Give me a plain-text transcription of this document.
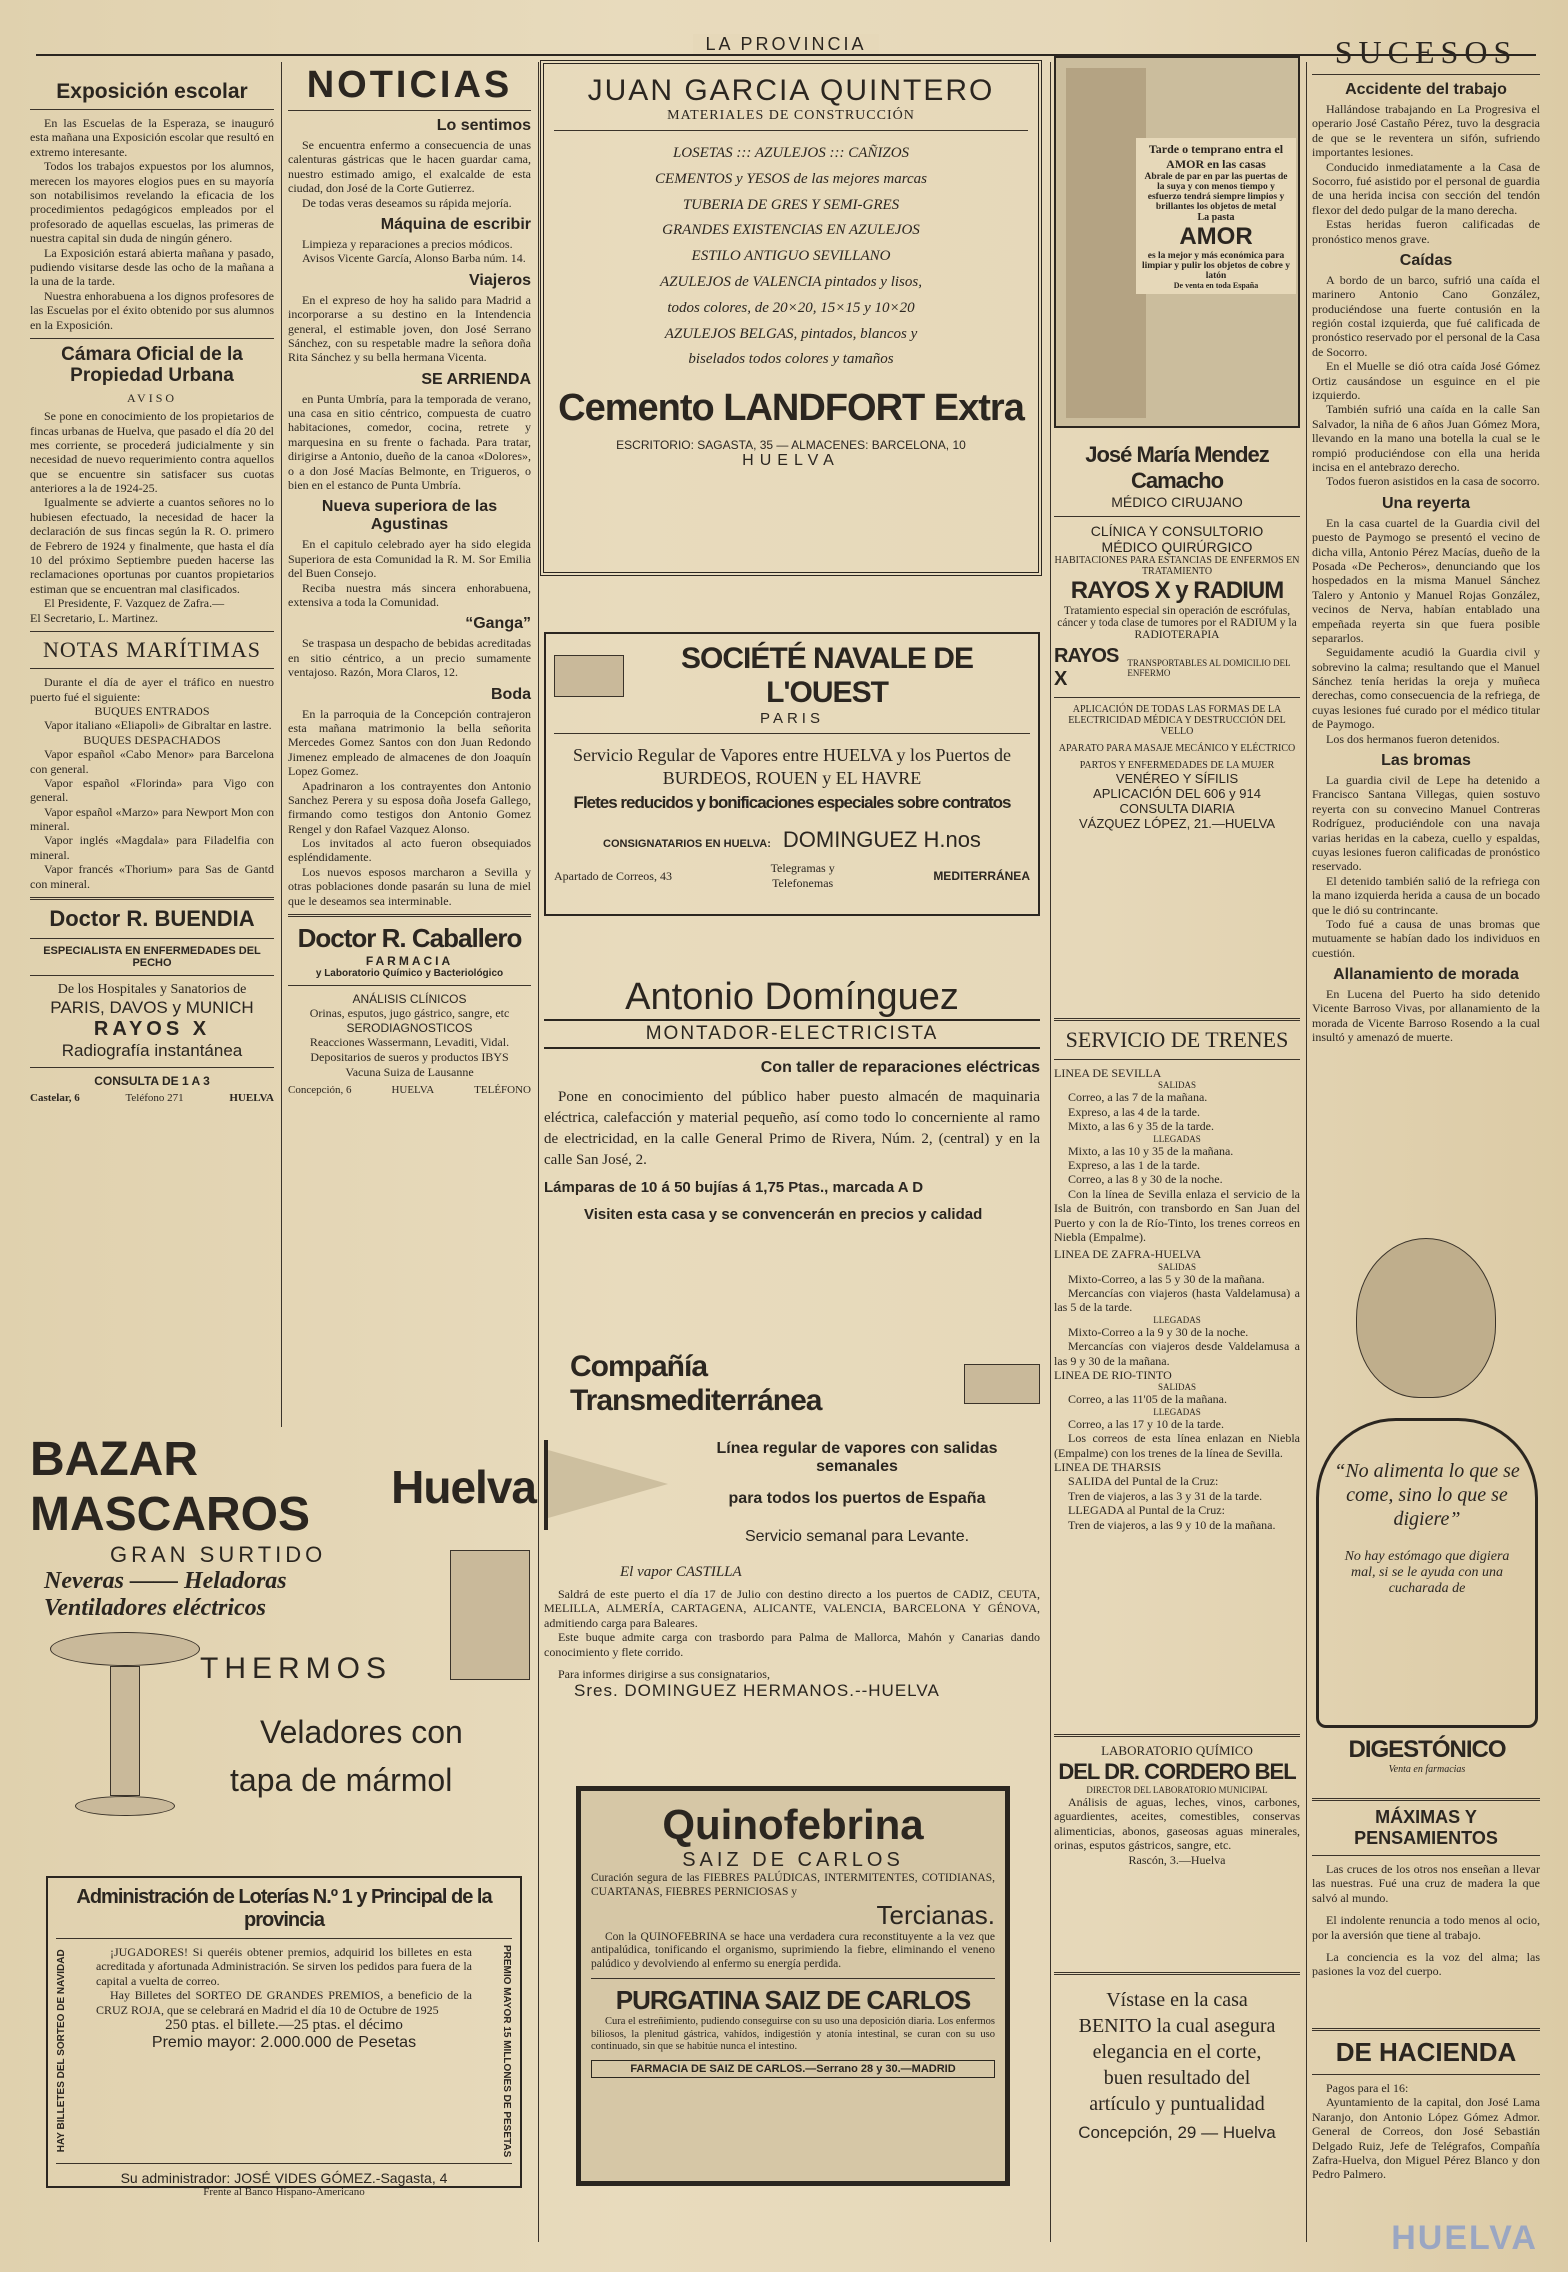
LA PROVINCIA
Exposición escolar

En las Escuelas de la Esperaza, se inauguró esta mañana una Exposición escolar que resultó en extremo interesante.

Todos los trabajos expuestos por los alumnos, merecen los mayores elogios pues en su mayoría son notabilisimos revelando la eficacia de los procedimientos pedagógicos empleados por el profesorado de aquellas escuelas, las primeras de nuestra capital sin duda de ningún género.

La Exposición estará abierta mañana y pasado, pudiendo visitarse desde las ocho de la mañana a la una de la tarde.

Nuestra enhorabuena a los dignos profesores de las Escuelas por el éxito obtenido por sus alumnos en la Exposición.

Cámara Oficial de la Propiedad Urbana

AVISO

Se pone en conocimiento de los propietarios de fincas urbanas de Huelva, que pasado el día 20 del mes corriente, se procederá judicialmente y sin necesidad de nuevo requerimiento contra aquellos que se encuentre sin satisfacer sus cuotas anteriores a la de 1924-25.

Igualmente se advierte a cuantos señores no lo hubiesen efectuado, la necesidad de hacer la declaración de sus fincas según la R. O. primero de Febrero de 1924 y finalmente, que hasta el día 10 del próximo Septiembre pueden hacerse las reclamaciones oportunas por cuantos propietarios estiman que se encuentran mal clasificados.

El Presidente, F. Vazquez de Zafra.—

El Secretario, L. Martinez.

NOTAS MARÍTIMAS

Durante el día de ayer el tráfico en nuestro puerto fué el siguiente:

BUQUES ENTRADOS

Vapor italiano «Eliapoli» de Gibraltar en lastre.

BUQUES DESPACHADOS

Vapor español «Cabo Menor» para Barcelona con general.

Vapor español «Florinda» para Vigo con general.

Vapor español «Marzo» para Newport Mon con mineral.

Vapor inglés «Magdala» para Filadelfia con mineral.

Vapor francés «Thorium» para Sas de Gantd con mineral.

Doctor R. BUENDIA

ESPECIALISTA EN ENFERMEDADES DEL PECHO

De los Hospitales y Sanatorios de

PARIS, DAVOS y MUNICH

RAYOS X

Radiografía instantánea

CONSULTA DE 1 A 3

Castelar, 6	Teléfono 271	HUELVA
NOTICIAS
Lo sentimos

Se encuentra enfermo a consecuencia de unas calenturas gástricas que le hacen guardar cama, nuestro estimado amigo, el exalcalde de esta ciudad, don José de la Corte Gutierrez.

De todas veras deseamos su rápida mejoría.

Máquina de escribir

Limpieza y reparaciones a precios módicos.

Avisos Vicente García, Alonso Barba núm. 14.

Viajeros

En el expreso de hoy ha salido para Madrid a incorporarse a su destino en la Intendencia general, el estimable joven, don José Serrano Sánchez, con su respetable madre la señora doña Rita Sánchez y su bella hermana Vicenta.

SE ARRIENDA

en Punta Umbría, para la temporada de verano, una casa en sitio céntrico, compuesta de cuatro habitaciones, comedor, cocina, retrete y marquesina en su frente o fachada. Para tratar, dirigirse a Antonio, dueño de la canoa «Dolores», o a don José Macías Belmonte, en Trigueros, o bien en el estanco de Punta Umbría.

Nueva superiora de las Agustinas

En el capitulo celebrado ayer ha sido elegida Superiora de esta Comunidad la R. M. Sor Emilia del Buen Consejo.

Reciba nuestra más sincera enhorabuena, extensiva a toda la Comunidad.

“Ganga”

Se traspasa un despacho de bebidas acreditadas en sitio céntrico, a un precio sumamente ventajoso. Razón, Mora Claros, 12.

Boda

En la parroquia de la Concepción contrajeron esta mañana matrimonio la bella señorita Mercedes Gomez Santos con don Juan Redondo Jimenez empleado de almacenes de don Joaquín Lopez Gomez.

Apadrinaron a los contrayentes don Antonio Sanchez Perera y su esposa doña Josefa Gallego, firmando como testigos don Antonio Gomez Rengel y don Rafael Vazquez Alonso.

Los invitados al acto fueron obsequiados espléndidamente.

Los nuevos esposos marcharon a Sevilla y otras poblaciones donde pasarán su luna de miel que le deseamos sea interminable.

Doctor R. Caballero

FARMACIA

y Laboratorio Químico y Bacteriológico

ANÁLISIS CLÍNICOS

Orinas, esputos, jugo gástrico, sangre, etc

SERODIAGNOSTICOS

Reacciones Wassermann, Levaditi, Vidal.

Depositarios de sueros y productos IBYS

Vacuna Suiza de Lausanne

Concepción, 6	HUELVA	TELÉFONO
BAZAR MASCAROS
Huelva

GRAN SURTIDO

Neveras —— Heladoras

Ventiladores eléctricos

THERMOS

Veladores con

tapa de mármol

Administración de Loterías N.º 1 y Principal de la provincia

HAY BILLETES DEL SORTEO DE NAVIDAD	¡JUGADORES! Si queréis obtener premios, adquirid los billetes en esta acreditada y afortunada Administración. Se sirven los pedidos para fuera de la capital a vuelta de correo.

Hay Billetes del SORTEO DE GRANDES PREMIOS, a beneficio de la CRUZ ROJA, que se celebrará en Madrid el día 10 de Octubre de 1925

250 ptas. el billete.—25 ptas. el décimo

Premio mayor: 2.000.000 de Pesetas	PREMIO MAYOR 15 MILLONES DE PESETAS

Su administrador: JOSÉ VIDES GÓMEZ.-Sagasta, 4

Frente al Banco Hispano-Americano

JUAN GARCIA QUINTERO

MATERIALES DE CONSTRUCCIÓN

LOSETAS ::: AZULEJOS ::: CAÑIZOS

CEMENTOS y YESOS de las mejores marcas

TUBERIA DE GRES Y SEMI-GRES

GRANDES EXISTENCIAS EN AZULEJOS

ESTILO ANTIGUO SEVILLANO

AZULEJOS de VALENCIA pintados y lisos,

todos colores, de 20×20, 15×15 y 10×20

AZULEJOS BELGAS, pintados, blancos y

biselados todos colores y tamaños

Cemento LANDFORT Extra

ESCRITORIO: SAGASTA, 35 — ALMACENES: BARCELONA, 10

HUELVA

SOCIÉTÉ NAVALE DE L'OUEST

PARIS

Servicio Regular de Vapores entre HUELVA y los Puertos de BURDEOS, ROUEN y EL HAVRE

Fletes reducidos y bonificaciones especiales sobre contratos

CONSIGNATARIOS EN HUELVA: DOMINGUEZ H.nos
Apartado de Correos, 43
Telegramas y Telefonemas	MEDITERRÁNEA

Antonio Domínguez

MONTADOR-ELECTRICISTA

Con taller de reparaciones eléctricas

Pone en conocimiento del público haber puesto almacén de maquinaria eléctrica, calefacción y material pequeño, así como todo lo concerniente al ramo de electricidad, en la calle General Primo de Rivera, Núm. 2, (central) y en la calle San José, 2.

Lámparas de 10 á 50 bujías á 1,75 Ptas., marcada A D

Visiten esta casa y se convencerán en precios y calidad

Compañía Transmediterránea

Línea regular de vapores con salidas semanales

para todos los puertos de España

Servicio semanal para Levante.

El vapor CASTILLA

Saldrá de este puerto el día 17 de Julio con destino directo a los puertos de CADIZ, CEUTA, MELILLA, ALMERÍA, CARTAGENA, ALICANTE, VALENCIA, BARCELONA Y GÉNOVA, admitiendo carga para Baleares.

Este buque admite carga con trasbordo para Palma de Mallorca, Mahón y Canarias dando conocimiento y flete corrido.

Para informes dirigirse a sus consignatarios,

Sres. DOMINGUEZ HERMANOS.--HUELVA

Quinofebrina

SAIZ DE CARLOS

Curación segura de las FIEBRES PALÚDICAS, INTERMITENTES, COTIDIANAS, CUARTANAS, FIEBRES PERNICIOSAS y

Tercianas.

Con la QUINOFEBRINA se hace una verdadera cura reconstituyente a la vez que antipalúdica, tonificando el organismo, suprimiendo la fiebre, eliminando el veneno palúdico y devolviendo al enfermo su energía perdida.

PURGATINA SAIZ DE CARLOS

Cura el estreñimiento, pudiendo conseguirse con su uso una deposición diaria. Los enfermos biliosos, la plenitud gástrica, vahídos, indigestión y atonía intestinal, se curan con su uso continuado, sin que se habitúe nunca el intestino.

FARMACIA DE SAIZ DE CARLOS.—Serrano 28 y 30.—MADRID

Tarde o temprano entra el AMOR en las casas

Abrale de par en par las puertas de la suya y con menos tiempo y esfuerzo tendrá siempre limpios y brillantes los objetos de metal

La pasta

AMOR

es la mejor y más económica para limpiar y pulir los objetos de cobre y latón

De venta en toda España

José María Mendez Camacho

MÉDICO CIRUJANO

CLÍNICA Y CONSULTORIO

MÉDICO QUIRÚRGICO

HABITACIONES PARA ESTANCIAS DE ENFERMOS EN TRATAMIENTO

RAYOS X y RADIUM

Tratamiento especial sin operación de escrófulas, cáncer y toda clase de tumores por el RADIUM y la RADIOTERAPIA

RAYOS X
TRANSPORTABLES AL DOMICILIO DEL ENFERMO

APLICACIÓN DE TODAS LAS FORMAS DE LA ELECTRICIDAD MÉDICA Y DESTRUCCIÓN DEL VELLO

APARATO PARA MASAJE MECÁNICO Y ELÉCTRICO

PARTOS Y ENFERMEDADES DE LA MUJER

VENÉREO Y SÍFILIS

APLICACIÓN DEL 606 y 914

CONSULTA DIARIA

VÁZQUEZ LÓPEZ, 21.—HUELVA

SERVICIO DE TRENES

LINEA DE SEVILLA

SALIDAS

Correo, a las 7 de la mañana.

Expreso, a las 4 de la tarde.

Mixto, a las 6 y 35 de la tarde.

LLEGADAS

Mixto, a las 10 y 35 de la mañana.

Expreso, a las 1 de la tarde.

Correo, a las 8 y 30 de la noche.

Con la línea de Sevilla enlaza el servicio de la Isla de Buitrón, con transbordo en San Juan del Puerto y con la de Río-Tinto, los trenes correos en Niebla (Empalme).

LINEA DE ZAFRA-HUELVA

SALIDAS

Mixto-Correo, a las 5 y 30 de la mañana.

Mercancías con viajeros (hasta Valdelamusa) a las 5 de la tarde.

LLEGADAS

Mixto-Correo a la 9 y 30 de la noche.

Mercancías con viajeros desde Valdelamusa a las 9 y 30 de la mañana.

LINEA DE RIO-TINTO

SALIDAS

Correo, a las 11'05 de la mañana.

LLEGADAS

Correo, a las 17 y 10 de la tarde.

Los correos de esta línea enlazan en Niebla (Empalme) con los trenes de la línea de Sevilla.

LINEA DE THARSIS

SALIDA del Puntal de la Cruz:

Tren de viajeros, a las 3 y 31 de la tarde.

LLEGADA al Puntal de la Cruz:

Tren de viajeros, a las 9 y 10 de la mañana.

LABORATORIO QUÍMICO

DEL DR. CORDERO BEL

DIRECTOR DEL LABORATORIO MUNICIPAL

Análisis de aguas, leches, vinos, carbones, aguardientes, aceites, comestibles, conservas alimenticias, abonos, gaseosas aguas minerales, orinas, esputos gástricos, sangre, etc.

Rascón, 3.—Huelva

Vístase en la casa BENITO la cual asegura elegancia en el corte, buen resultado del artículo y puntualidad

Concepción, 29 — Huelva

SUCESOS
Accidente del trabajo

Hallándose trabajando en La Progresiva el operario José Castaño Pérez, tuvo la desgracia de que se le reventera un sifón, sufriendo importantes lesiones.

Conducido inmediatamente a la Casa de Socorro, fué asistido por el personal de guardia de una herida incisa con sección del tendón flexor del dedo pulgar de la mano derecha.

Estas heridas fueron calificadas de pronóstico menos grave.

Caídas

A bordo de un barco, sufrió una caída el marinero Antonio Cano González, produciéndose una fuerte contusión en la región costal izquierda, que fué calificada de pronóstico reservado por el personal de la Casa de Socorro.

En el Muelle se dió otra caída José Gómez Ortiz causándose un esguince en el pie izquierdo.

También sufrió una caída en la calle San Salvador, la niña de 6 años Juan Gómez Mora, llevando en la mano una botella la cual se le rompió produciéndose con ella una herida incisa en el antebrazo derecho.

Todos fueron asistidos en la casa de socorro.

Una reyerta

En la casa cuartel de la Guardia civil del puesto de Paymogo se presentó el vecino de dicha villa, Antonio Pérez Macías, dueño de la Posada «De Pecheros», denunciando que los hospedados en la misma Manuel Sánchez Talero y Antonio y Manuel Rojas González, vecinos de Nerva, habían entablado una empeñada reyerta sin que fuera posible separarlos.

Seguidamente acudió la Guardia civil y sobrevino la calma; resultando que el Manuel Sánchez tenía heridas la oreja y muñeca derechas, como consecuencia de la refriega, de cuyas lesiones fué curado por el médico titular de Paymogo.

Los dos hermanos fueron detenidos.

Las bromas

La guardia civil de Lepe ha detenido a Francisco Santana Villegas, quien sostuvo reyerta con su convecino Manuel Contreras Rodríguez, produciéndole con una navaja varias heridas en la cabeza, cuello y espaldas, cuyas lesiones fueron calificadas de pronóstico reservado.

El detenido también salió de la refriega con la mano izquierda herida a causa de un bocado que le dió su contrincante.

Todo fué a causa de unas bromas que mutuamente se habían dado los individuos en cuestión.

Allanamiento de morada

En Lucena del Puerto ha sido detenido Vicente Barroso Vivas, por allanamiento de la morada de Vicente Barroso Rosendo a la cual insultó y amenazó de muerte.

“No alimenta lo que se come, sino lo que se digiere”

No hay estómago que digiera mal, si se le ayuda con una cucharada de

DIGESTÓNICO

Venta en farmacias

MÁXIMAS Y PENSAMIENTOS

Las cruces de los otros nos enseñan a llevar las nuestras. Fué una cruz de madera la que salvó al mundo.

El indolente renuncia a todo menos al ocio, por la aversión que tiene al trabajo.

La conciencia es la voz del alma; las pasiones la voz del cuerpo.

DE HACIENDA

Pagos para el 16:

Ayuntamiento de la capital, don José Lama Naranjo, don Antonio López Gómez Admor. General de Correos, don José Sebastián Delgado Ruiz, Jefe de Telégrafos, Compañía Zafra-Huelva, don Miguel Pérez Blanco y don Pedro Palmero.

HUELVA
